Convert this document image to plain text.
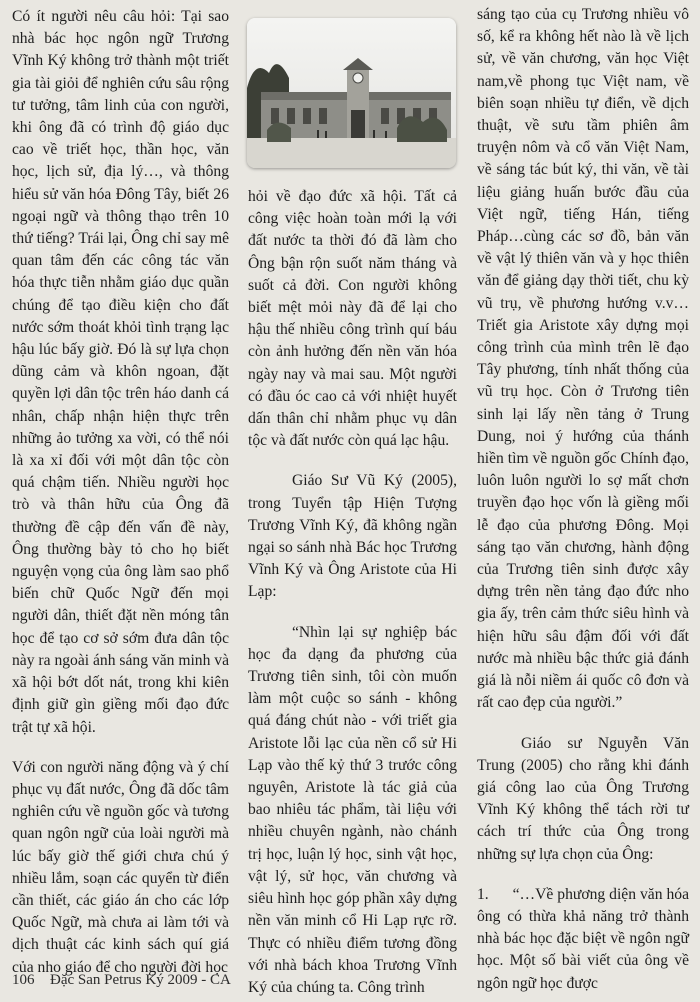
Có ít người nêu câu hỏi: Tại sao nhà bác học ngôn ngữ Trương Vĩnh Ký không trở thành một triết gia tài giỏi để nghiên cứu sâu rộng tư tưởng, tâm linh của con người, khi ông đã có trình độ giáo dục cao về triết học, thần học, văn học, lịch sử, địa lý…, và thông hiểu sử văn hóa Đông Tây, biết 26 ngoại ngữ và thông thạo trên 10 thứ tiếng? Trái lại, Ông chỉ say mê quan tâm đến các công tác văn hóa thực tiễn nhằm giáo dục quần chúng để tạo điều kiện cho đất nước sớm thoát khỏi tình trạng lạc hậu lúc bấy giờ. Đó là sự lựa chọn dũng cảm và khôn ngoan, đặt quyền lợi dân tộc trên háo danh cá nhân, chấp nhận hiện thực trên những ảo tưởng xa vời, có thể nói là xa xỉ đối với một dân tộc còn quá chậm tiến. Nhiều người học trò và thân hữu của Ông đã thường đề cập đến vấn đề này, Ông thường bày tỏ cho họ biết nguyện vọng của ông làm sao phổ biến chữ Quốc Ngữ đến mọi người dân, thiết đặt nền móng tân học để tạo cơ sở sớm đưa dân tộc này ra ngoài ánh sáng văn minh và xã hội bớt dốt nát, trong khi kiên định giữ gìn giềng mối đạo đức trật tự xã hội.

Với con người năng động và ý chí phục vụ đất nước, Ông đã dốc tâm nghiên cứu về nguồn gốc và tương quan ngôn ngữ của loài người mà lúc bấy giờ thế giới chưa chú ý nhiều lắm, soạn các quyển từ điển cần thiết, các giáo án cho các lớp Quốc Ngữ, mà chưa ai làm tới và dịch thuật các kinh sách quí giá của nho giáo để cho người đời học

hỏi về đạo đức xã hội. Tất cả công việc hoàn toàn mới lạ với đất nước ta thời đó đã làm cho Ông bận rộn suốt năm tháng và suốt cả đời. Con người không biết mệt mỏi này đã để lại cho hậu thế nhiều công trình quí báu còn ảnh hưởng đến nền văn hóa ngày nay và mai sau. Một người có đầu óc cao cả với nhiệt huyết dấn thân chỉ nhằm phục vụ dân tộc và đất nước còn quá lạc hậu.

Giáo Sư Vũ Ký (2005), trong Tuyển tập Hiện Tượng Trương Vĩnh Ký, đã không ngần ngại so sánh nhà Bác học Trương Vĩnh Ký và Ông Aristote của Hi Lạp:

“Nhìn lại sự nghiệp bác học đa dạng đa phương của Trương tiên sinh, tôi còn muốn làm một cuộc so sánh - không quá đáng chút nào - với triết gia Aristote lỗi lạc của nền cổ sử Hi Lạp vào thế kỷ thứ 3 trước công nguyên, Aristote là tác giả của bao nhiêu tác phẩm, tài liệu với nhiều chuyên ngành, nào chánh trị học, luận lý học, sinh vật học, vật lý, sử học, văn chương và siêu hình học góp phần xây dựng nền văn minh cổ Hi Lạp rực rỡ. Thực có nhiều điểm tương đồng với nhà bách khoa Trương Vĩnh Ký của chúng ta. Công trình

sáng tạo của cụ Trương nhiều vô số, kể ra không hết nào là về lịch sử, về văn chương, văn học Việt nam,về phong tục Việt nam, về biên soạn nhiều tự điển, về dịch thuật, về sưu tầm phiên âm truyện nôm và cổ văn Việt Nam, về sáng tác bút ký, thi văn, về tài liệu giảng huấn bước đầu của Việt ngữ, tiếng Hán, tiếng Pháp…cùng các sơ đồ, bản văn về vật lý thiên văn và y học thiên văn để giảng dạy thời tiết, chu kỳ vũ trụ, về phương hướng v.v…Triết gia Aristote xây dựng mọi công trình của mình trên lẽ đạo Tây phương, tính nhất thống của vũ trụ học. Còn ở Trương tiên sinh lại lấy nền tảng ở Trung Dung, noi ý hướng của thánh hiền tìm về nguồn gốc Chính đạo, luôn luôn người lo sợ mất chơn truyền đạo học vốn là giềng mối lễ đạo của phương Đông. Mọi sáng tạo văn chương, hành động của Trương tiên sinh được xây dựng trên nền tảng đạo đức nho gia ấy, trên cảm thức siêu hình và hiện hữu sâu đậm đối với đất nước mà nhiều bậc thức giả đánh giá là nỗi niềm ái quốc cô đơn và rất cao đẹp của người.”

Giáo sư Nguyễn Văn Trung (2005) cho rằng khi đánh giá công lao của Ông Trương Vĩnh Ký không thể tách rời tư cách trí thức của Ông trong những sự lựa chọn của Ông:

1. “…Về phương diện văn hóa ông có thừa khả năng trở thành nhà bác học đặc biệt về ngôn ngữ học. Một số bài viết của ông về ngôn ngữ học được

106 Đặc San Petrus Ký 2009 - CA
